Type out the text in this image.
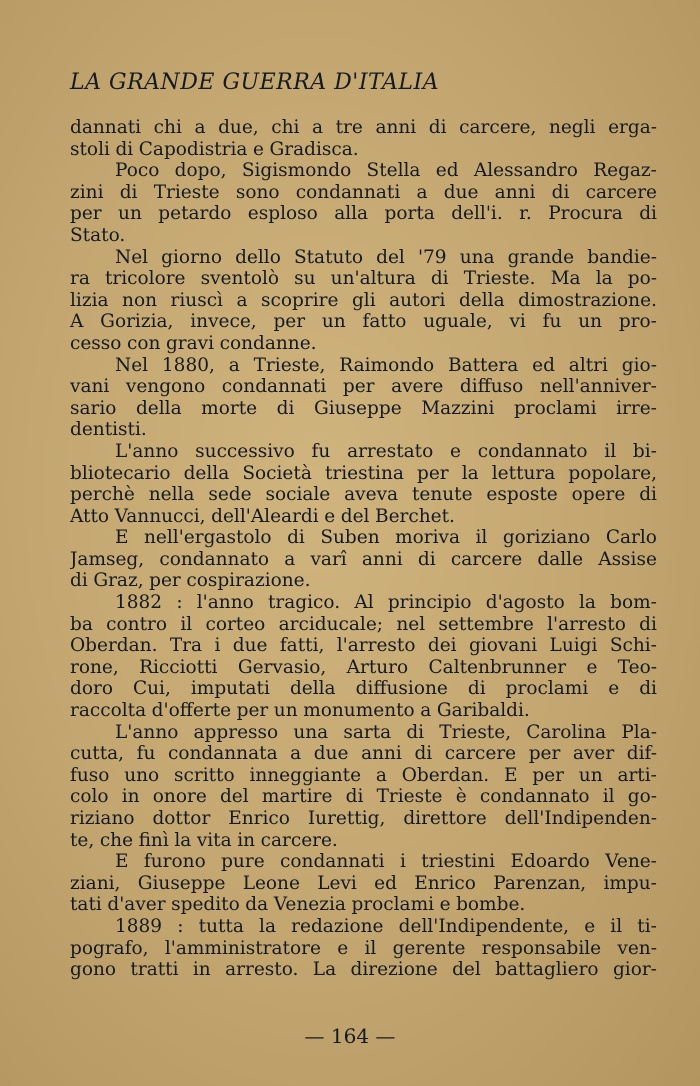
LA GRANDE GUERRA D'ITALIA
dannati chi a due, chi a tre anni di carcere, negli erga-
stoli di Capodistria e Gradisca.
Poco dopo, Sigismondo Stella ed Alessandro Regaz-
zini di Trieste sono condannati a due anni di carcere
per un petardo esploso alla porta dell'i. r. Procura di
Stato.
Nel giorno dello Statuto del '79 una grande bandie-
ra tricolore sventolò su un'altura di Trieste. Ma la po-
lizia non riuscì a scoprire gli autori della dimostrazione.
A Gorizia, invece, per un fatto uguale, vi fu un pro-
cesso con gravi condanne.
Nel 1880, a Trieste, Raimondo Battera ed altri gio-
vani vengono condannati per avere diffuso nell'anniver-
sario della morte di Giuseppe Mazzini proclami irre-
dentisti.
L'anno successivo fu arrestato e condannato il bi-
bliotecario della Società triestina per la lettura popolare,
perchè nella sede sociale aveva tenute esposte opere di
Atto Vannucci, dell'Aleardi e del Berchet.
E nell'ergastolo di Suben moriva il goriziano Carlo
Jamseg, condannato a varî anni di carcere dalle Assise
di Graz, per cospirazione.
1882 : l'anno tragico. Al principio d'agosto la bom-
ba contro il corteo arciducale; nel settembre l'arresto di
Oberdan. Tra i due fatti, l'arresto dei giovani Luigi Schi-
rone, Ricciotti Gervasio, Arturo Caltenbrunner e Teo-
doro Cui, imputati della diffusione di proclami e di
raccolta d'offerte per un monumento a Garibaldi.
L'anno appresso una sarta di Trieste, Carolina Pla-
cutta, fu condannata a due anni di carcere per aver dif-
fuso uno scritto inneggiante a Oberdan. E per un arti-
colo in onore del martire di Trieste è condannato il go-
riziano dottor Enrico Iurettig, direttore dell'Indipenden-
te, che finì la vita in carcere.
E furono pure condannati i triestini Edoardo Vene-
ziani, Giuseppe Leone Levi ed Enrico Parenzan, impu-
tati d'aver spedito da Venezia proclami e bombe.
1889 : tutta la redazione dell'Indipendente, e il ti-
pografo, l'amministratore e il gerente responsabile ven-
gono tratti in arresto. La direzione del battagliero gior-
— 164 —
